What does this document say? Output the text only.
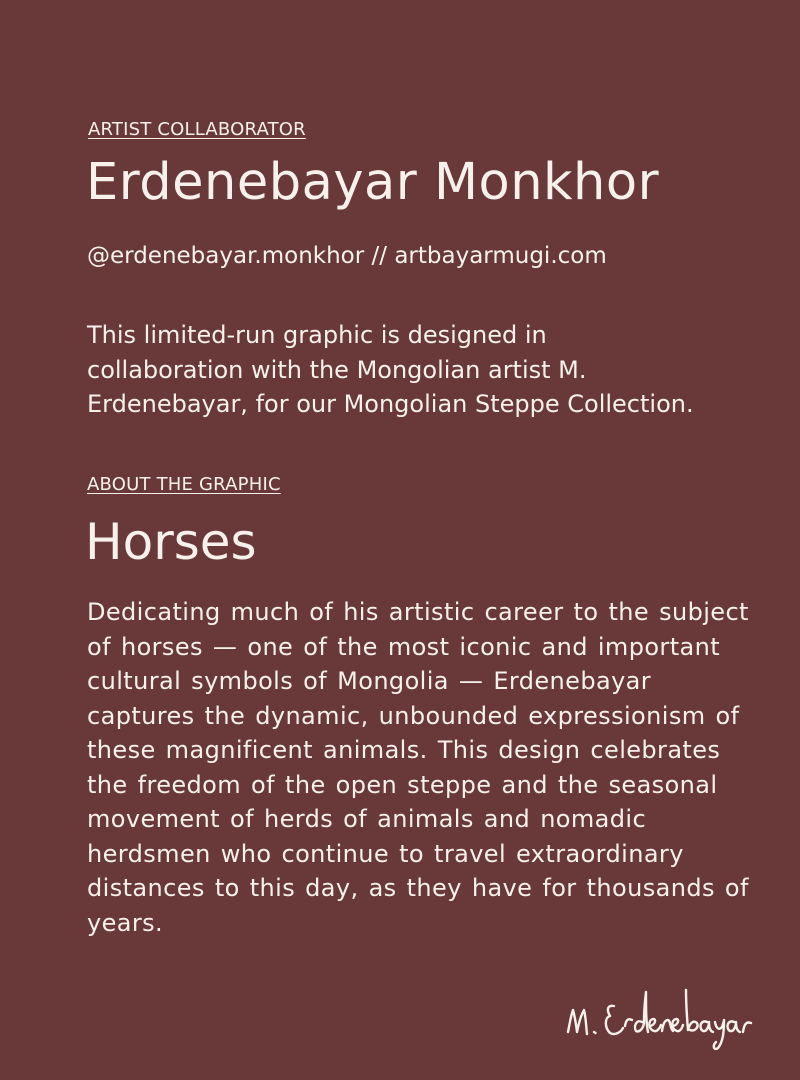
ARTIST COLLABORATOR

Erdenebayar Monkhor

@erdenebayar.monkhor // artbayarmugi.com

This limited-run graphic is designed in collaboration with the Mongolian artist M. Erdenebayar, for our Mongolian Steppe Collection.

ABOUT THE GRAPHIC

Horses

Dedicating much of his artistic career to the subject of horses — one of the most iconic and important cultural symbols of Mongolia — Erdenebayar captures the dynamic, unbounded expressionism of these magnificent animals. This design celebrates the freedom of the open steppe and the seasonal movement of herds of animals and nomadic herdsmen who continue to travel extraordinary distances to this day, as they have for thousands of years.

M. Erdenebayar
